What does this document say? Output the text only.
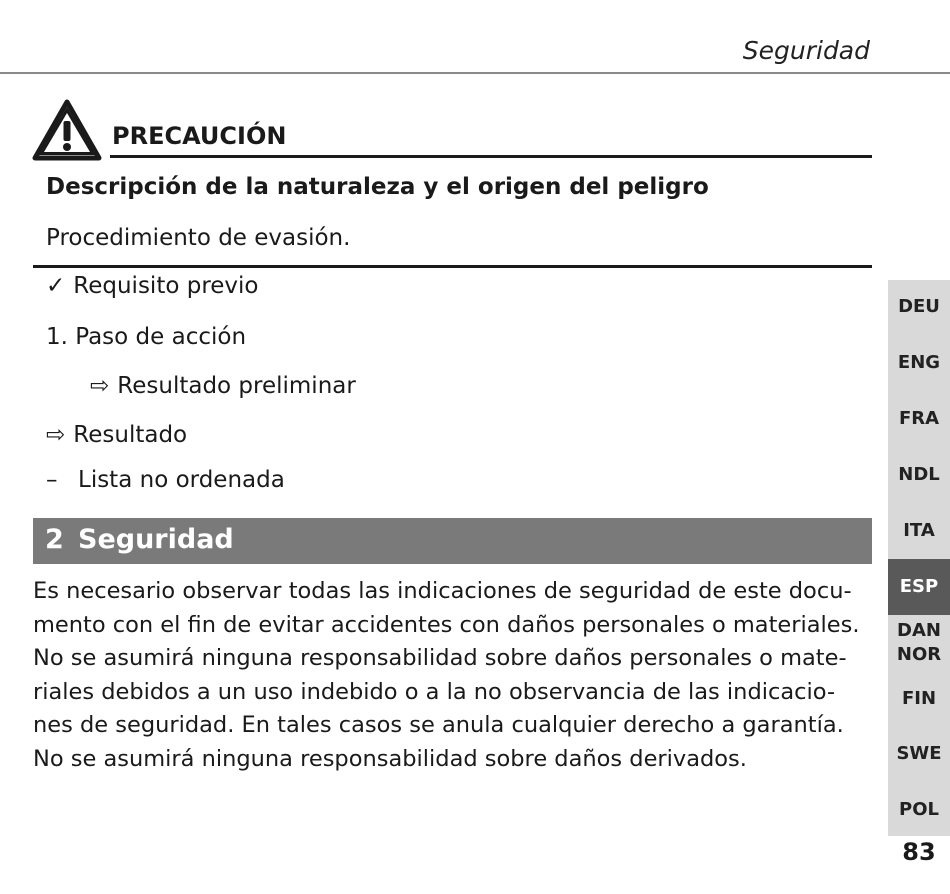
Seguridad
PRECAUCIÓN
Descripción de la naturaleza y el origen del peligro
Procedimiento de evasión.
✓ Requisito previo
1. Paso de acción
⇨ Resultado preliminar
⇨ Resultado
– Lista no ordenada
2 Seguridad
Es necesario observar todas las indicaciones de seguridad de este docu-
mento con el fin de evitar accidentes con daños personales o materiales.
No se asumirá ninguna responsabilidad sobre daños personales o mate-
riales debidos a un uso indebido o a la no observancia de las indicacio-
nes de seguridad. En tales casos se anula cualquier derecho a garantía.
No se asumirá ninguna responsabilidad sobre daños derivados.
DEU
ENG
FRA
NDL
ITA
ESP
DAN
NOR
FIN
SWE
POL
83
